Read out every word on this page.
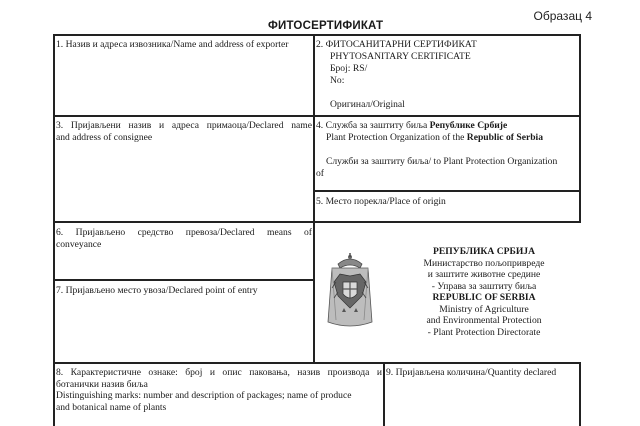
Образац 4
ФИТОСЕРТИФИКАТ
1. Назив и адреса извозника/Name and address of exporter	2. ФИТОСАНИТАРНИ СЕРТИФИКАТ
PHYTOSANITARY CERTIFICATE
Број: RS/
No:
Оригинал/Original
3. Пријављени назив и адреса примаоца/Declared name
and address of consignee
4. Служба за заштиту биља Републике Србије
Plant Protection Organization of the Republic of Serbia
Служби за заштиту биља/ to Plant Protection Organization
of
5. Место порекла/Place of origin
6. Пријављено средство превоза/Declared means of
conveyance
7. Пријављено место увоза/Declared point of entry
РЕПУБЛИКА СРБИЈА
Министарство пољопривреде
и заштите животне средине
- Управа за заштиту биља
REPUBLIC OF SERBIA
Ministry of Agriculture
and Environmental Protection
- Plant Protection Directorate
8. Карактеристичне ознаке: број и опис паковања, назив производа и
ботанички назив биља
Distinguishing marks: number and description of packages; name of produce
and botanical name of plants
9. Пријављена количина/Quantity declared
